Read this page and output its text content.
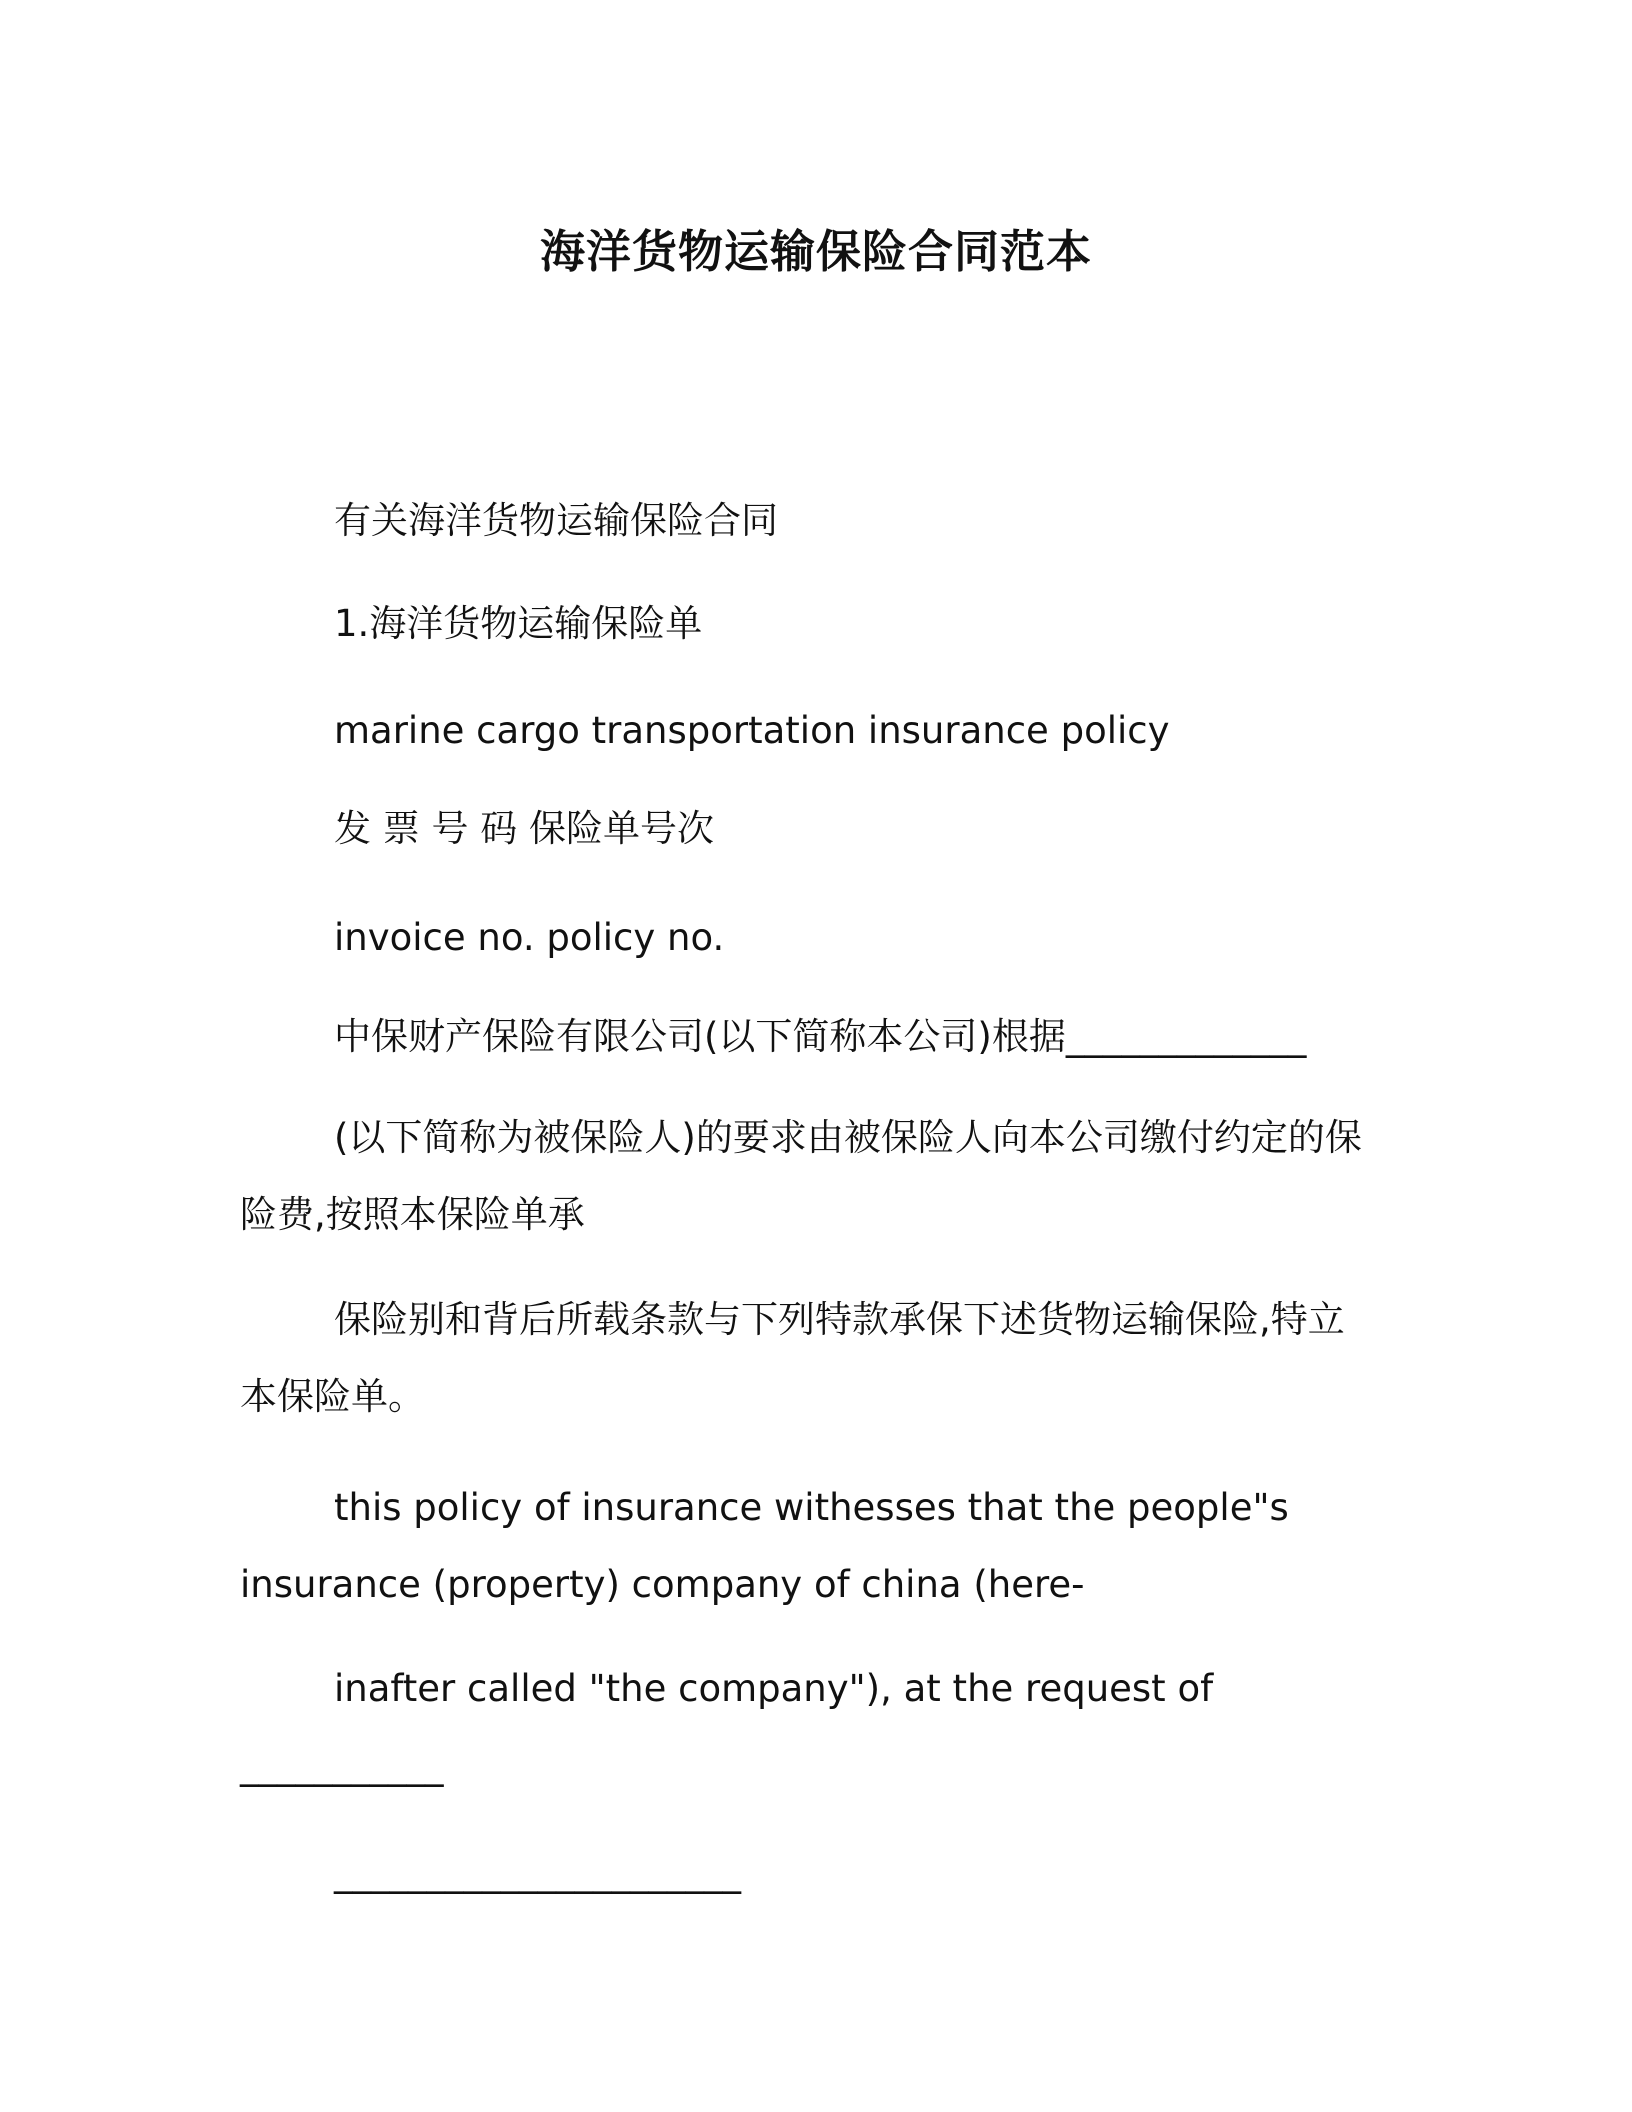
海洋货物运输保险合同范本
有关海洋货物运输保险合同
1.海洋货物运输保险单
marine cargo transportation insurance policy
发 票 号 码 保险单号次
invoice no. policy no.
中保财产保险有限公司(以下简称本公司)根据_____________
(以下简称为被保险人)的要求由被保险人向本公司缴付约定的保险费,按照本保险单承
保险别和背后所载条款与下列特款承保下述货物运输保险,特立本保险单。
this policy of insurance withesses that the people"s insurance (property) company of china (here-
inafter called "the company"), at the request of ___________
______________________
